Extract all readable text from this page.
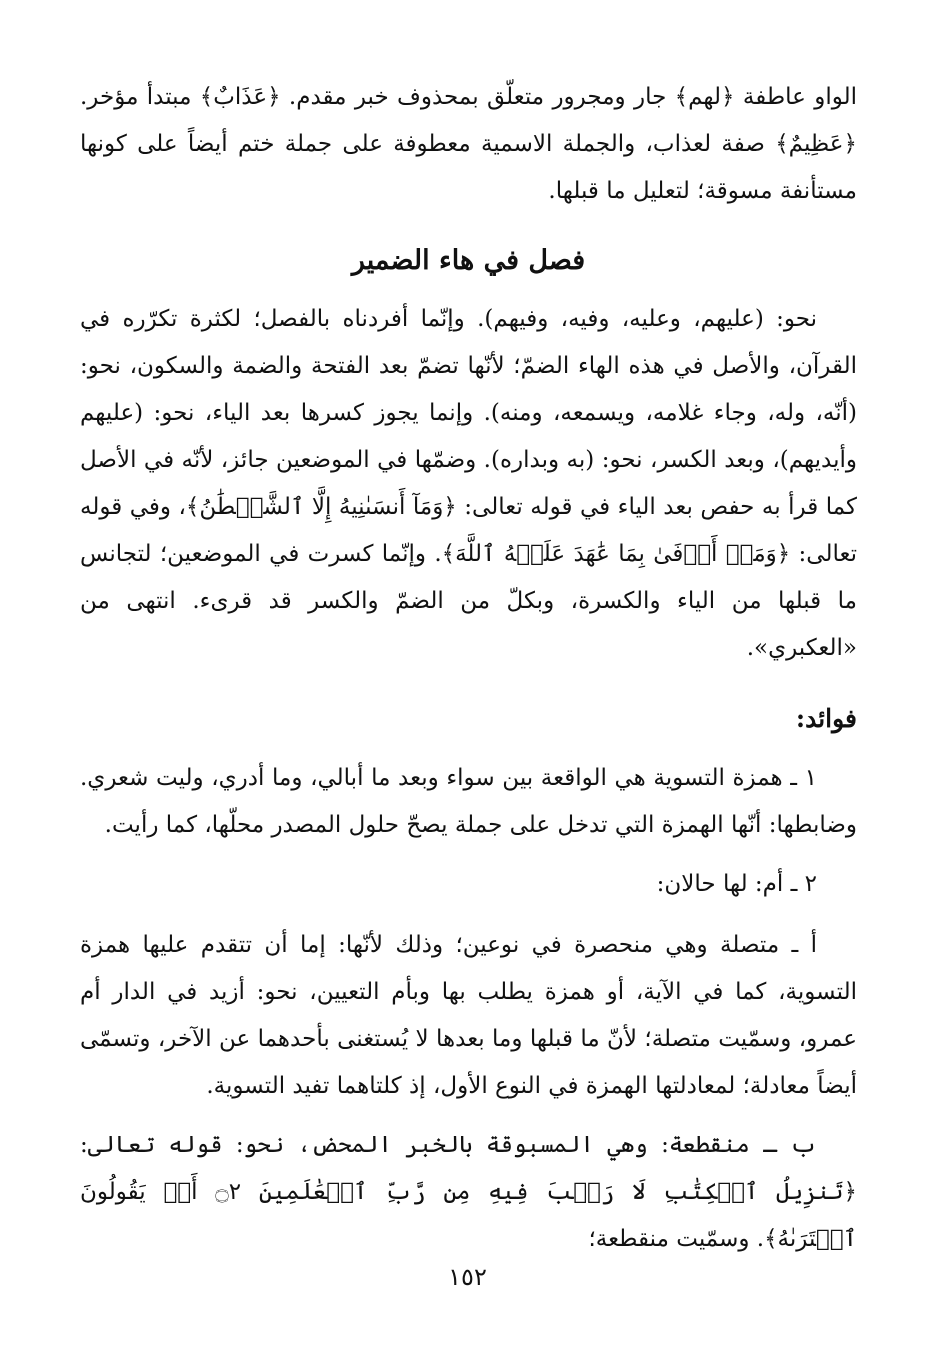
الواو عاطفة ﴿لهم﴾ جار ومجرور متعلّق بمحذوف خبر مقدم. ﴿عَذَابٌ﴾ مبتدأ مؤخر. ﴿عَظِيمٌ﴾ صفة لعذاب، والجملة الاسمية معطوفة على جملة ختم أيضاً على كونها مستأنفة مسوقة؛ لتعليل ما قبلها.

فصل في هاء الضمير

نحو: (عليهم، وعليه، وفيه، وفيهم). وإنّما أفردناه بالفصل؛ لكثرة تكرّره في القرآن، والأصل في هذه الهاء الضمّ؛ لأنّها تضمّ بعد الفتحة والضمة والسكون، نحو: (أنّه، وله، وجاء غلامه، ويسمعه، ومنه). وإنما يجوز كسرها بعد الياء، نحو: (عليهم وأيديهم)، وبعد الكسر، نحو: (به وبداره). وضمّها في الموضعين جائز، لأنّه في الأصل كما قرأ به حفص بعد الياء في قوله تعالى: ﴿وَمَآ أَنسَىٰنِيهُ إِلَّا ٱلشَّيۡطَٰنُ﴾، وفي قوله تعالى: ﴿وَمَنۡ أَوۡفَىٰ بِمَا عَٰهَدَ عَلَيۡهُ ٱللَّهَ﴾. وإنّما كسرت في الموضعين؛ لتجانس ما قبلها من الياء والكسرة، وبكلّ من الضمّ والكسر قد قرىء. انتهى من «العكبري».

فوائد:

١ ـ همزة التسوية هي الواقعة بين سواء وبعد ما أبالي، وما أدري، وليت شعري. وضابطها: أنّها الهمزة التي تدخل على جملة يصحّ حلول المصدر محلّها، كما رأيت.

٢ ـ أم: لها حالان:

أ ـ متصلة وهي منحصرة في نوعين؛ وذلك لأنّها: إما أن تتقدم عليها همزة التسوية، كما في الآية، أو همزة يطلب بها وبأم التعيين، نحو: أزيد في الدار أم عمرو، وسمّيت متصلة؛ لأنّ ما قبلها وما بعدها لا يُستغنى بأحدهما عن الآخر، وتسمّى أيضاً معادلة؛ لمعادلتها الهمزة في النوع الأول، إذ كلتاهما تفيد التسوية.

ب ـ منقطعة: وهي المسبوقة بالخبر المحض، نحو: قوله تعالى: ﴿تَنزِيلُ ٱلۡكِتَٰبِ لَا رَيۡبَ فِيهِ مِن رَّبِّ ٱلۡعَٰلَمِينَ ۝٢ أَمۡ يَقُولُونَ ٱفۡتَرَىٰهُ﴾. وسمّيت منقطعة؛

١٥٢
